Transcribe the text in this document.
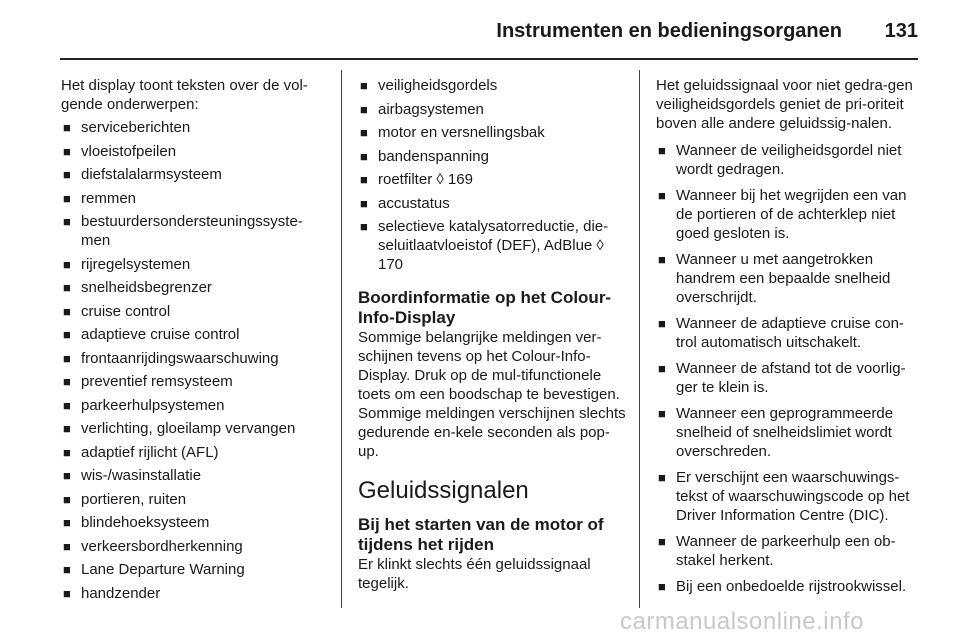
Instrumenten en bedieningsorganen 131

Het display toont teksten over de vol-gende onderwerpen:

■ serviceberichten
■ vloeistofpeilen
■ diefstalalarmsysteem
■ remmen
■ bestuurdersondersteuningssyste-men
■ rijregelsystemen
■ snelheidsbegrenzer
■ cruise control
■ adaptieve cruise control
■ frontaanrijdingswaarschuwing
■ preventief remsysteem
■ parkeerhulpsystemen
■ verlichting, gloeilamp vervangen
■ adaptief rijlicht (AFL)
■ wis-/wasinstallatie
■ portieren, ruiten
■ blindehoeksysteem
■ verkeersbordherkenning
■ Lane Departure Warning
■ handzender
■ veiligheidsgordels
■ airbagsystemen
■ motor en versnellingsbak
■ bandenspanning
■ roetfilter ◊ 169
■ accustatus
■ selectieve katalysatorreductie, die-seluitlaatvloeistof (DEF), AdBlue ◊ 170
Boordinformatie op het Colour-Info-Display

Sommige belangrijke meldingen ver-schijnen tevens op het Colour-Info-Display. Druk op de mul-tifunctionele toets om een boodschap te bevestigen. Sommige meldingen verschijnen slechts gedurende en-kele seconden als pop-up.

Geluidssignalen
Bij het starten van de motor of tijdens het rijden

Er klinkt slechts één geluidssignaal tegelijk.

Het geluidssignaal voor niet gedra-gen veiligheidsgordels geniet de pri-oriteit boven alle andere geluidssig-nalen.

■ Wanneer de veiligheidsgordel niet wordt gedragen.
■ Wanneer bij het wegrijden een van de portieren of de achterklep niet goed gesloten is.
■ Wanneer u met aangetrokken handrem een bepaalde snelheid overschrijdt.
■ Wanneer de adaptieve cruise con-trol automatisch uitschakelt.
■ Wanneer de afstand tot de voorlig-ger te klein is.
■ Wanneer een geprogrammeerde snelheid of snelheidslimiet wordt overschreden.
■ Er verschijnt een waarschuwings-tekst of waarschuwingscode op het Driver Information Centre (DIC).
■ Wanneer de parkeerhulp een ob-stakel herkent.
■ Bij een onbedoelde rijstrookwissel.
carmanualsonline.info
